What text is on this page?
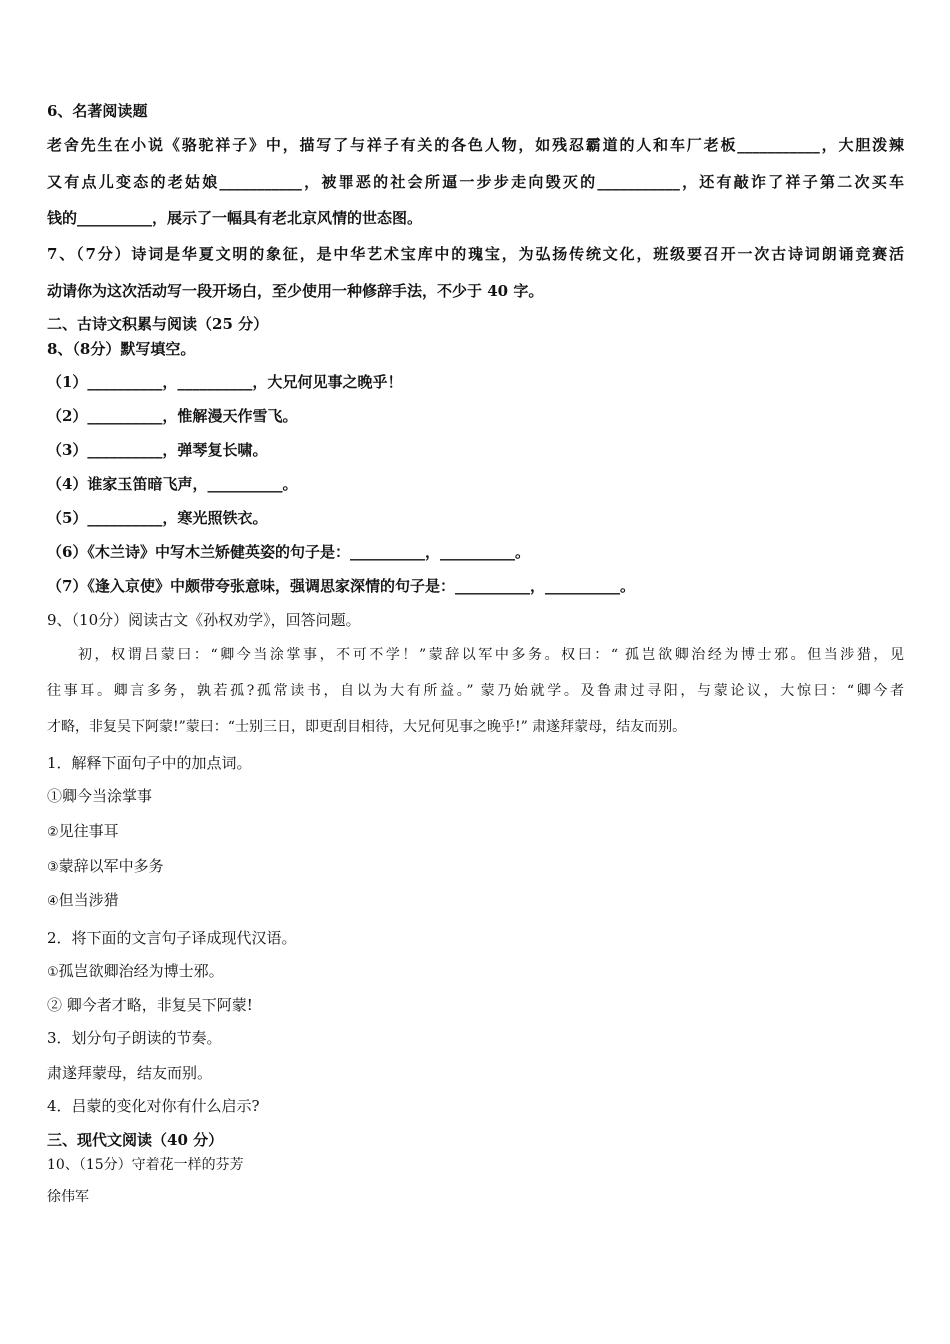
6、名著阅读题
老舍先生在小说《骆驼祥子》中，描写了与祥子有关的各色人物，如残忍霸道的人和车厂老板___________，大胆泼辣
又有点儿变态的老姑娘___________，被罪恶的社会所逼一步步走向毁灭的___________，还有敲诈了祥子第二次买车
钱的__________，展示了一幅具有老北京风情的世态图。
7、（7分）诗词是华夏文明的象征，是中华艺术宝库中的瑰宝，为弘扬传统文化，班级要召开一次古诗词朗诵竞赛活
动请你为这次活动写一段开场白，至少使用一种修辞手法，不少于 40 字。
二、古诗文积累与阅读（25 分）
8、（8分）默写填空。
（1）__________，__________，大兄何见事之晚乎！
（2）__________，惟解漫天作雪飞。
（3）__________，弹琴复长啸。
（4）谁家玉笛暗飞声，__________。
（5）__________，寒光照铁衣。
（6）《木兰诗》中写木兰矫健英姿的句子是：__________，__________。
（7）《逢入京使》中颇带夸张意味，强调思家深情的句子是：__________，__________。
9、（10分）阅读古文《孙权劝学》，回答问题。
初，权谓吕蒙曰：“卿今当涂掌事，不可不学！”蒙辞以军中多务。权曰：“ 孤岂欲卿治经为博士邪。但当涉猎，见
往事耳。卿言多务，孰若孤?孤常读书，自以为大有所益。” 蒙乃始就学。及鲁肃过寻阳，与蒙论议，大惊曰：“卿今者
才略，非复吴下阿蒙!”蒙曰：“士别三日，即更刮目相待，大兄何见事之晚乎!” 肃遂拜蒙母，结友而别。
1．解释下面句子中的加点词。
①卿今当涂掌事
②见往事耳
③蒙辞以军中多务
④但当涉猎
2．将下面的文言句子译成现代汉语。
①孤岂欲卿治经为博士邪。
② 卿今者才略，非复吴下阿蒙!
3．划分句子朗读的节奏。
肃遂拜蒙母，结友而别。
4．吕蒙的变化对你有什么启示?
三、现代文阅读（40 分）
10、（15分）守着花一样的芬芳
徐伟军
